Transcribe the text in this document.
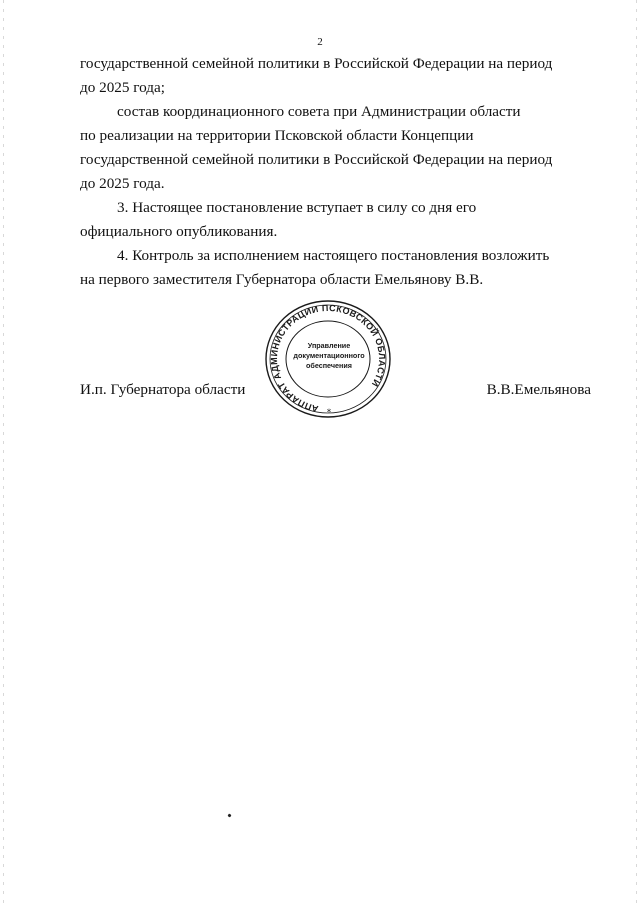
2

государственной семейной политики в Российской Федерации на период

до 2025 года;

состав координационного совета при Администрации области

по реализации на территории Псковской области Концепции

государственной семейной политики в Российской Федерации на период

до 2025 года.

3. Настоящее постановление вступает в силу со дня его

официального опубликования.

4. Контроль за исполнением настоящего постановления возложить

на первого заместителя Губернатора области Емельянову В.В.

И.п. Губернатора области
АППАРАТ АДМИНИСТРАЦИИ ПСКОВСКОЙ ОБЛАСТИ
Управление
документационного
обеспечения
*
В.В.Емельянова
